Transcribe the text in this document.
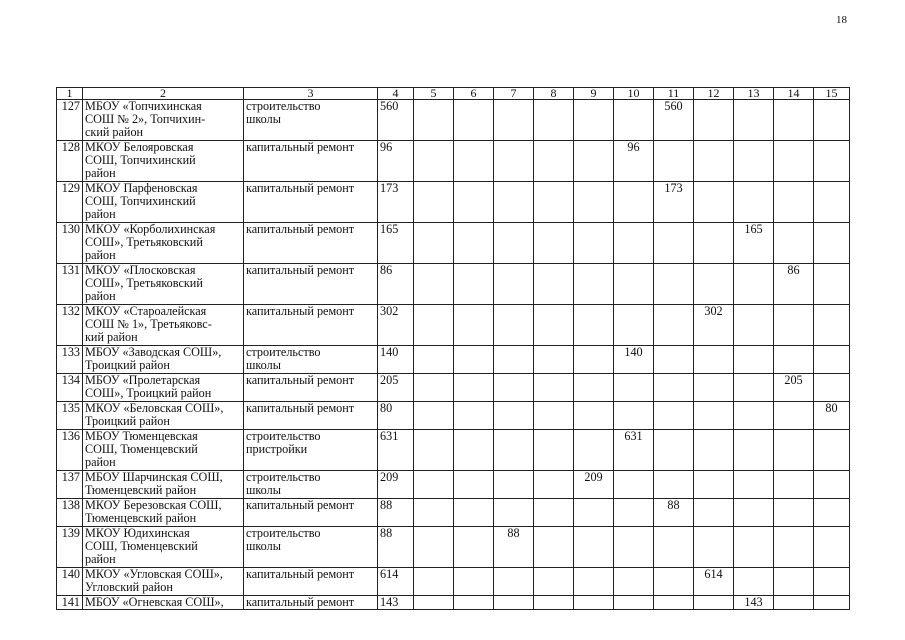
18
1	2	3	4	5	6	7	8	9	10	11	12	13	14	15
127	МБОУ «Топчихинская
СОШ № 2», Топчихин-
ский район	строительство
школы	560							560				
128	МКОУ Белояровская
СОШ, Топчихинский
район	капитальный ремонт	96						96					
129	МКОУ Парфеновская
СОШ, Топчихинский
район	капитальный ремонт	173							173				
130	МКОУ «Корболихинская
СОШ», Третьяковский
район	капитальный ремонт	165									165		
131	МКОУ «Плосковская
СОШ», Третьяковский
район	капитальный ремонт	86										86	
132	МКОУ «Староалейская
СОШ № 1», Третьяковс-
кий район	капитальный ремонт	302								302			
133	МБОУ «Заводская СОШ»,
Троицкий район	строительство
школы	140						140					
134	МБОУ «Пролетарская
СОШ», Троицкий район	капитальный ремонт	205										205	
135	МКОУ «Беловская СОШ»,
Троицкий район	капитальный ремонт	80											80
136	МБОУ Тюменцевская
СОШ, Тюменцевский
район	строительство
пристройки	631						631					
137	МБОУ Шарчинская СОШ,
Тюменцевский район	строительство
школы	209					209						
138	МКОУ Березовская СОШ,
Тюменцевский район	капитальный ремонт	88							88				
139	МКОУ Юдихинская
СОШ, Тюменцевский
район	строительство
школы	88			88								
140	МКОУ «Угловская СОШ»,
Угловский район	капитальный ремонт	614								614			
141	МБОУ «Огневская СОШ»,	капитальный ремонт	143									143		
